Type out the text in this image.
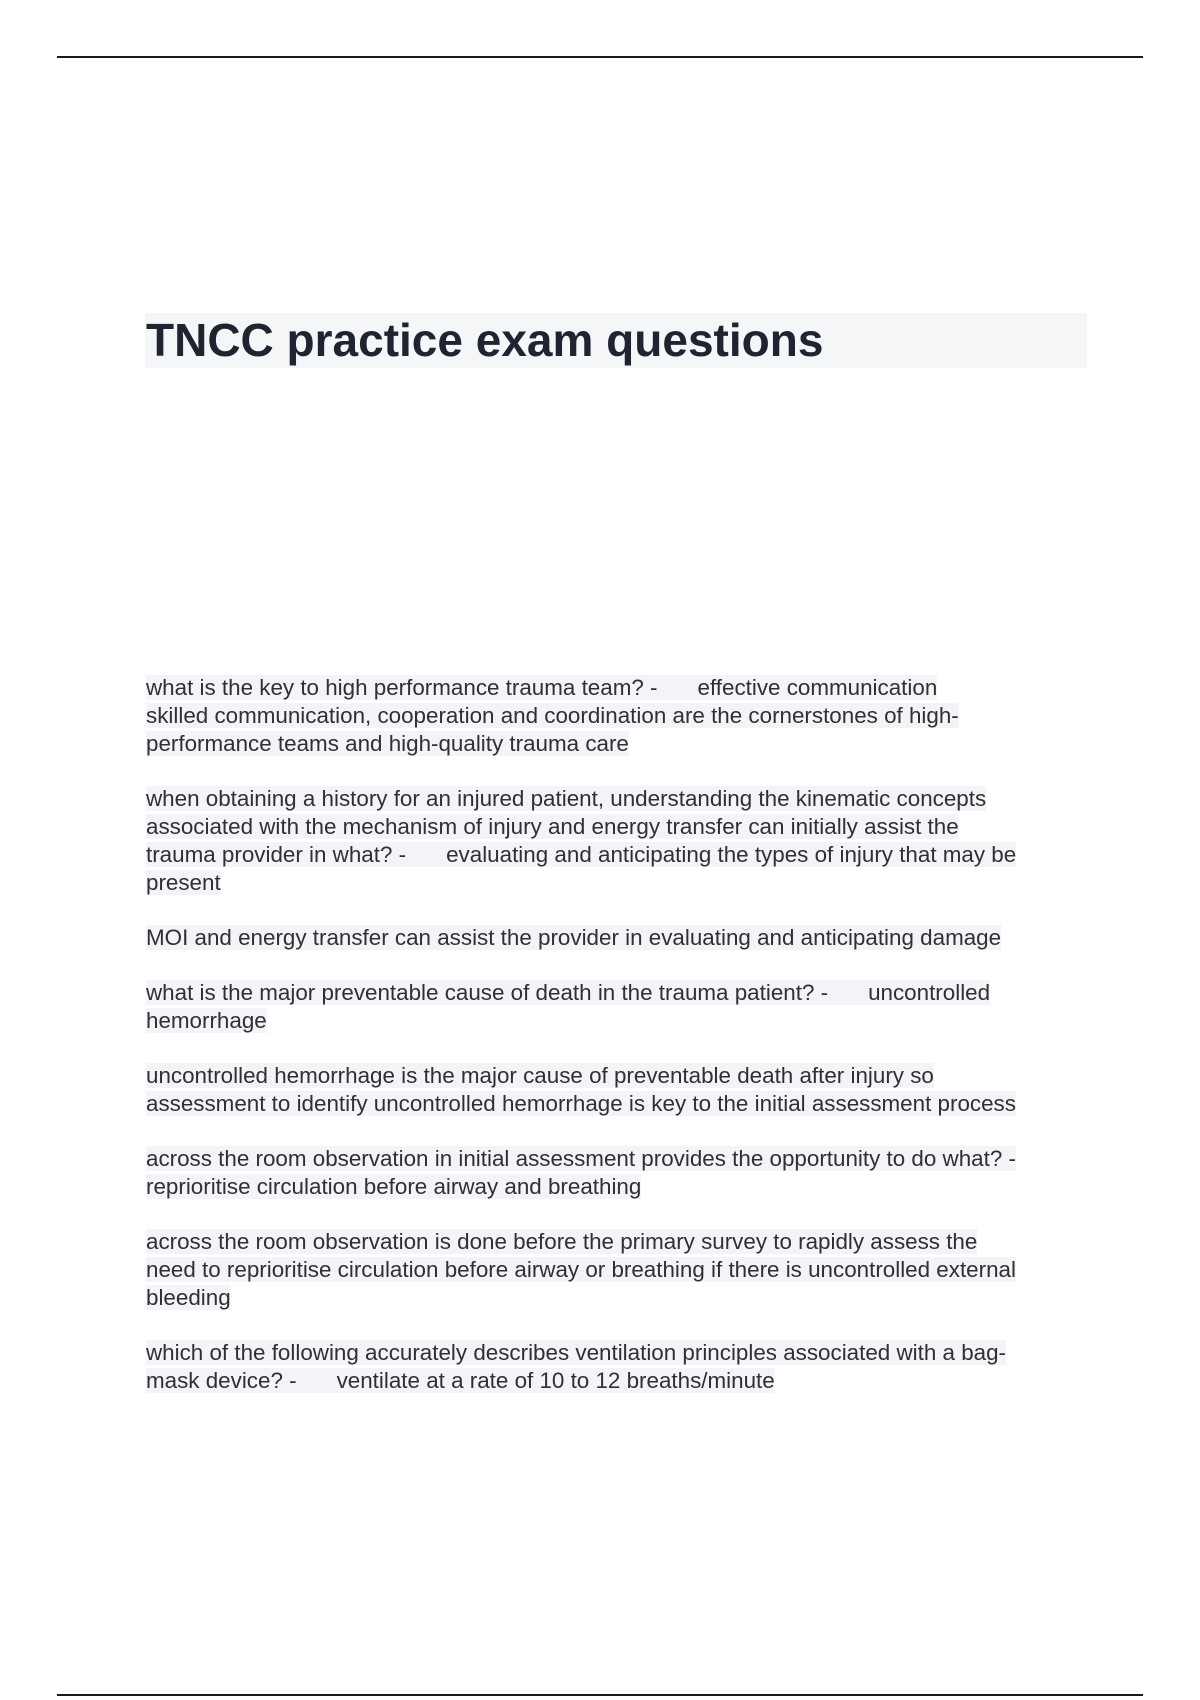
TNCC practice exam questions
what is the key to high performance trauma team? - effective communication
skilled communication, cooperation and coordination are the cornerstones of high-
performance teams and high-quality trauma care
when obtaining a history for an injured patient, understanding the kinematic concepts
associated with the mechanism of injury and energy transfer can initially assist the
trauma provider in what? - evaluating and anticipating the types of injury that may be
present
MOI and energy transfer can assist the provider in evaluating and anticipating damage
what is the major preventable cause of death in the trauma patient? - uncontrolled
hemorrhage
uncontrolled hemorrhage is the major cause of preventable death after injury so
assessment to identify uncontrolled hemorrhage is key to the initial assessment process
across the room observation in initial assessment provides the opportunity to do what? -
reprioritise circulation before airway and breathing
across the room observation is done before the primary survey to rapidly assess the
need to reprioritise circulation before airway or breathing if there is uncontrolled external
bleeding
which of the following accurately describes ventilation principles associated with a bag-
mask device? - ventilate at a rate of 10 to 12 breaths/minute
